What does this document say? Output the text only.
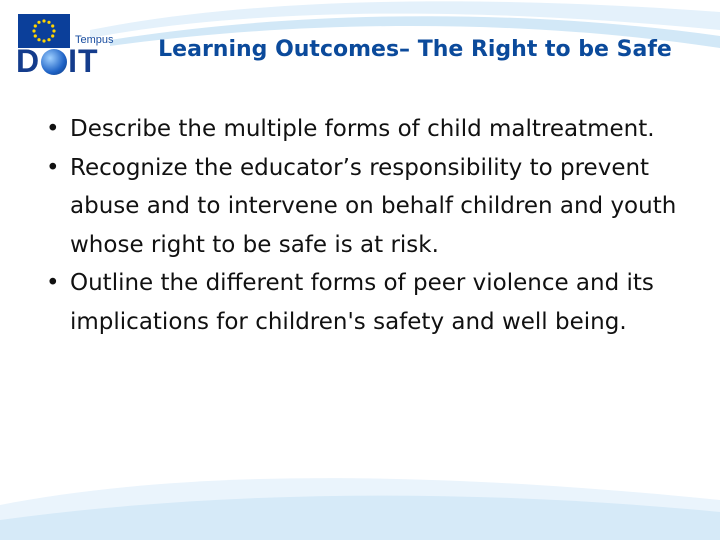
Tempus
D IT	Learning Outcomes– The Right to be Safe
• Describe the multiple forms of child maltreatment.
• Recognize the educator’s responsibility to prevent abuse and to intervene on behalf children and youth whose right to be safe is at risk.
• Outline the different forms of peer violence and its implications for children's safety and well being.
